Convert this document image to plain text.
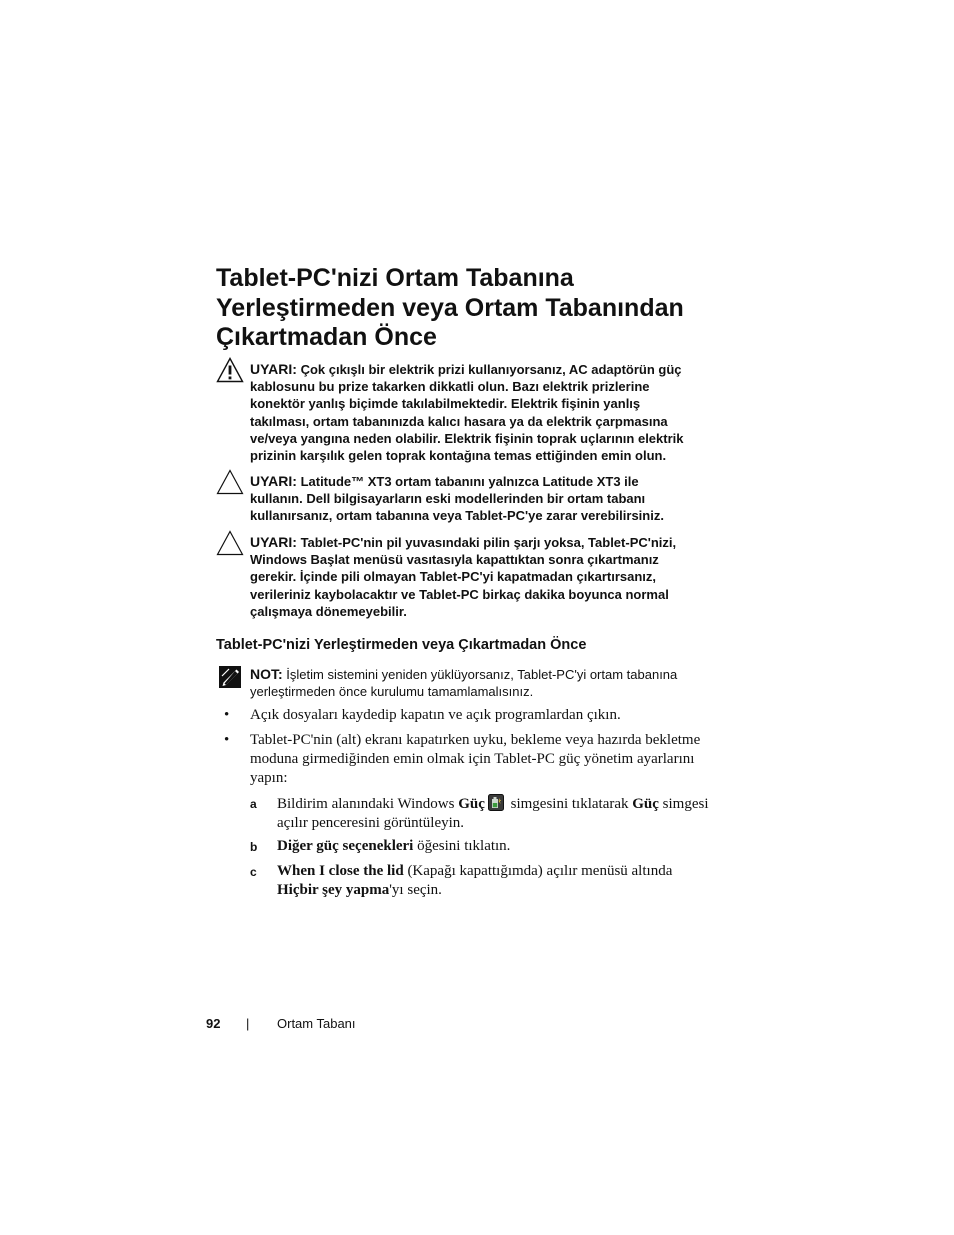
Tablet-PC'nizi Ortam Tabanına
Yerleştirmeden veya Ortam Tabanından
Çıkartmadan Önce
UYARI: Çok çıkışlı bir elektrik prizi kullanıyorsanız, AC adaptörün güç
kablosunu bu prize takarken dikkatli olun. Bazı elektrik prizlerine
konektör yanlış biçimde takılabilmektedir. Elektrik fişinin yanlış
takılması, ortam tabanınızda kalıcı hasara ya da elektrik çarpmasına
ve/veya yangına neden olabilir. Elektrik fişinin toprak uçlarının elektrik
prizinin karşılık gelen toprak kontağına temas ettiğinden emin olun.
UYARI: Latitude™ XT3 ortam tabanını yalnızca Latitude XT3 ile
kullanın. Dell bilgisayarların eski modellerinden bir ortam tabanı
kullanırsanız, ortam tabanına veya Tablet-PC'ye zarar verebilirsiniz.
UYARI: Tablet-PC'nin pil yuvasındaki pilin şarjı yoksa, Tablet-PC'nizi,
Windows Başlat menüsü vasıtasıyla kapattıktan sonra çıkartmanız
gerekir. İçinde pili olmayan Tablet-PC'yi kapatmadan çıkartırsanız,
verileriniz kaybolacaktır ve Tablet-PC birkaç dakika boyunca normal
çalışmaya dönemeyebilir.
Tablet-PC'nizi Yerleştirmeden veya Çıkartmadan Önce
NOT: İşletim sistemini yeniden yüklüyorsanız, Tablet-PC'yi ortam tabanına
yerleştirmeden önce kurulumu tamamlamalısınız.
• Açık dosyaları kaydedip kapatın ve açık programlardan çıkın.
• Tablet-PC'nin (alt) ekranı kapatırken uyku, bekleme veya hazırda bekletme
moduna girmediğinden emin olmak için Tablet-PC güç yönetim ayarlarını
yapın:
a Bildirim alanındaki Windows Güç simgesini tıklatarak Güç simgesi
açılır penceresini görüntüleyin.
b Diğer güç seçenekleri öğesini tıklatın.
c When I close the lid (Kapağı kapattığımda) açılır menüsü altında
Hiçbir şey yapma'yı seçin.
92 | Ortam Tabanı
